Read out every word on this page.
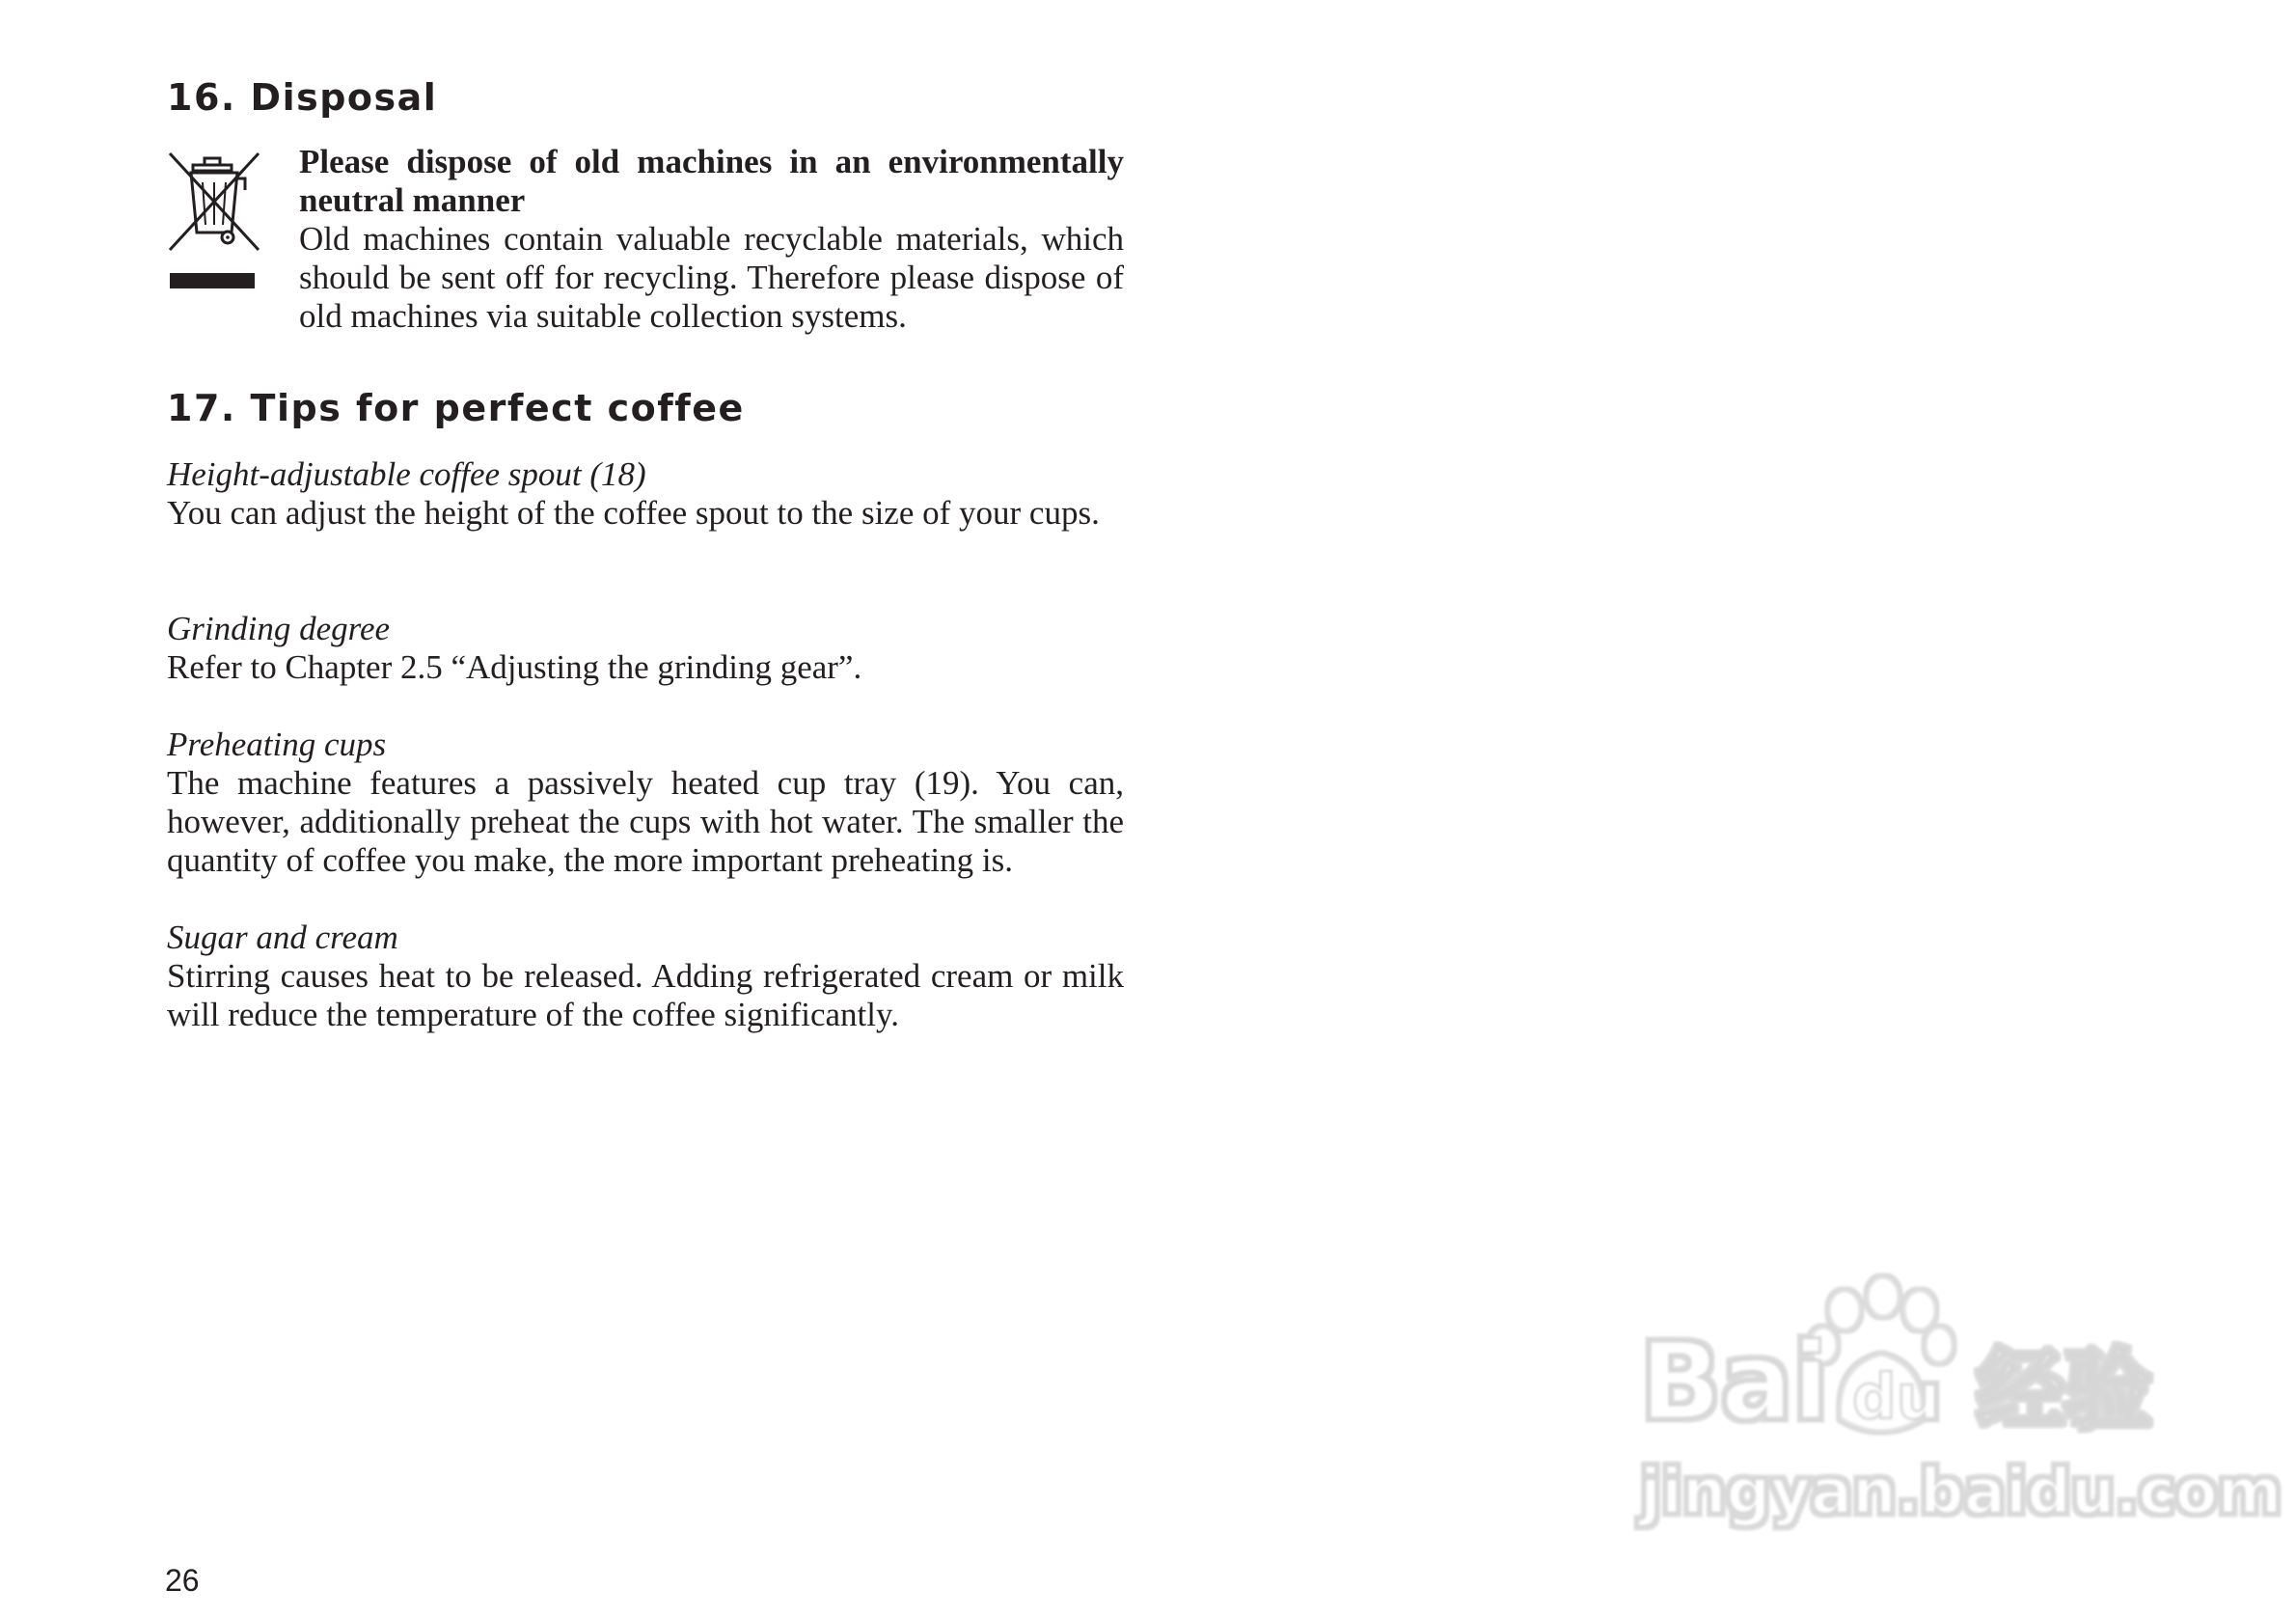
16. Disposal
Please dispose of old machines in an environmentally
neutral manner
Old machines contain valuable recyclable materials, which should be sent off for recycling. Therefore please dispose of old machines via suitable collection systems.
17. Tips for perfect coffee

Height-adjustable coffee spout (18)

You can adjust the height of the coffee spout to the size of your cups.

Grinding degree

Refer to Chapter 2.5 “Adjusting the grinding gear”.

Preheating cups

The machine features a passively heated cup tray (19). You can, however, additionally preheat the cups with hot water. The smaller the quantity of coffee you make, the more important preheating is.

Sugar and cream

Stirring causes heat to be released. Adding refrigerated cream or milk will reduce the temperature of the coffee significantly.

26
Bai du 经验
jingyan.baidu.com
